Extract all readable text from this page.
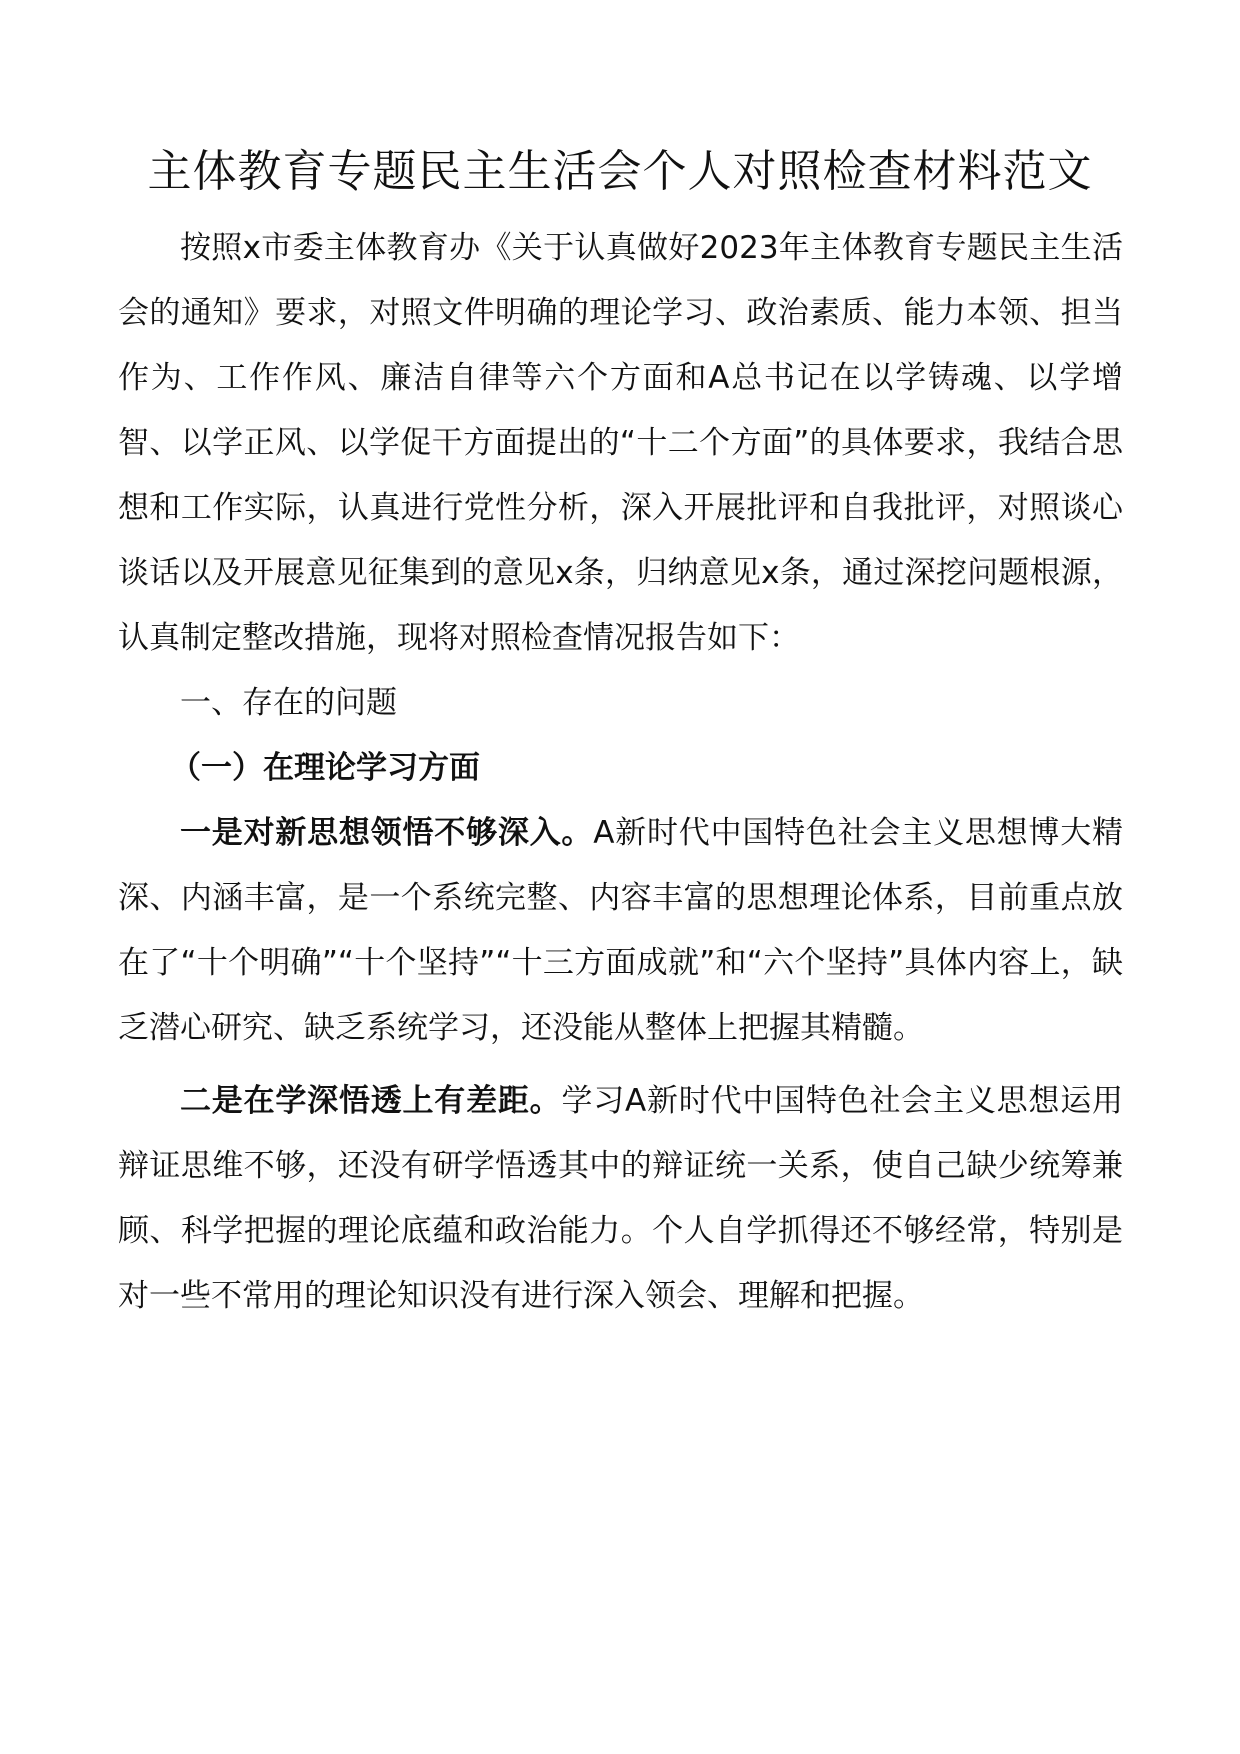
主体教育专题民主生活会个人对照检查材料范文

按照x市委主体教育办《关于认真做好2023年主体教育专题民主生活会的通知》要求，对照文件明确的理论学习、政治素质、能力本领、担当作为、工作作风、廉洁自律等六个方面和A总书记在以学铸魂、以学增智、以学正风、以学促干方面提出的“十二个方面”的具体要求，我结合思想和工作实际，认真进行党性分析，深入开展批评和自我批评，对照谈心谈话以及开展意见征集到的意见x条，归纳意见x条，通过深挖问题根源，认真制定整改措施，现将对照检查情况报告如下：

一、存在的问题

（一）在理论学习方面

一是对新思想领悟不够深入。A新时代中国特色社会主义思想博大精深、内涵丰富，是一个系统完整、内容丰富的思想理论体系，目前重点放在了“十个明确”“十个坚持”“十三方面成就”和“六个坚持”具体内容上，缺乏潜心研究、缺乏系统学习，还没能从整体上把握其精髓。

二是在学深悟透上有差距。学习A新时代中国特色社会主义思想运用辩证思维不够，还没有研学悟透其中的辩证统一关系，使自己缺少统筹兼顾、科学把握的理论底蕴和政治能力。个人自学抓得还不够经常，特别是对一些不常用的理论知识没有进行深入领会、理解和把握。
